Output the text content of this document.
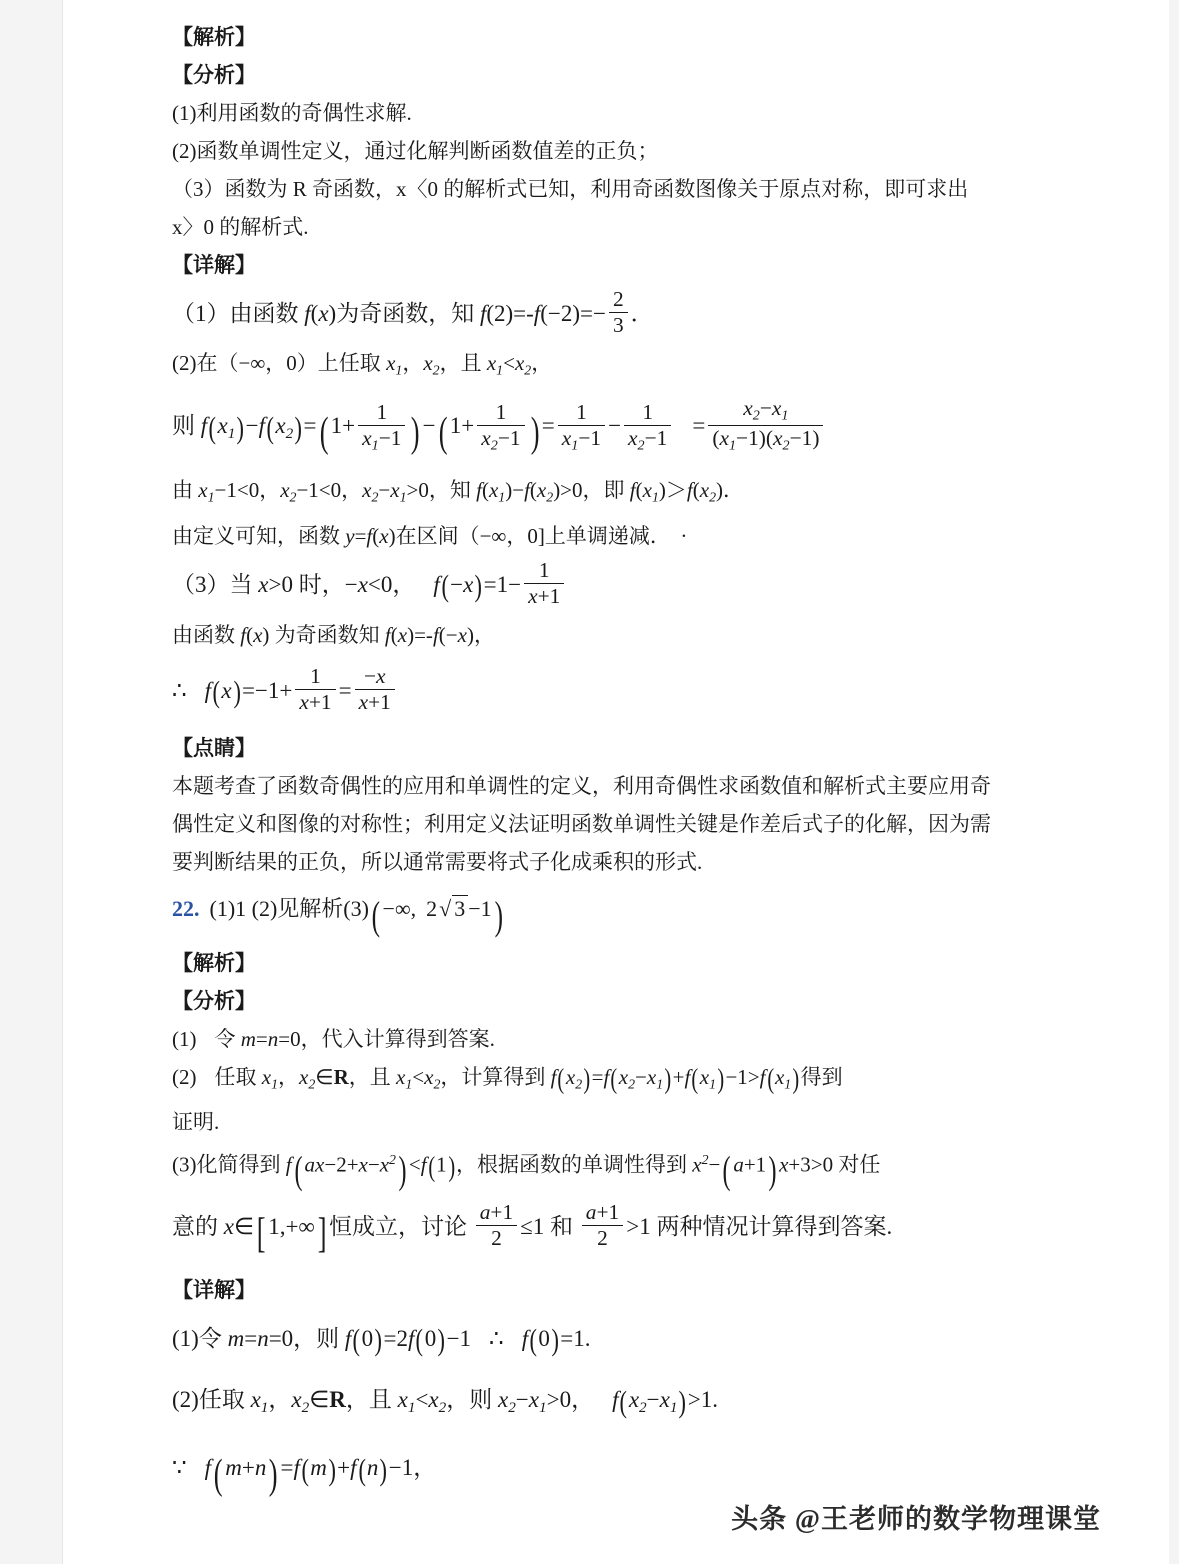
【解析】
【分析】
(1)利用函数的奇偶性求解.
(2)函数单调性定义，通过化解判断函数值差的正负；
（3）函数为 R 奇函数，x〈0 的解析式已知，利用奇函数图像关于原点对称，即可求出
x〉0 的解析式.
【详解】
（1）由函数 f(x)为奇函数，知 $f(2)=-f(-2)=- \frac{2}{3}$ ．
(2)在（−∞，0）上任取 $x_1$，$x_2$，且 $x_1<x_2$，
则 $f(x_1)-f(x_2)=$( $1+ \frac{1}{x_1-1}$ ) −( $1+ \frac{1}{x_2-1}$ ) = $\frac{1}{x_1-1} - \frac{1}{x_2-1} = \frac{x_2-x_1}{(x_1-1)(x_2-1)}$
由 $x_1-1<0$，$x_2-1<0$，$x_2-x_1>0$，知 $f(x_1)-f(x_2)>0$，即 $f(x_1)>f(x_2)$．
由定义可知，函数 y=f(x)在区间（−∞，0]上单调递减． ·
（3）当 x>0 时，−x<0， $f(-x)=1- \frac{1}{x+1}$
由函数 f(x) 为奇函数知 f(x)=-f(−x)，
∴ $f(x)=-1+ \frac{1}{x+1} = \frac{-x}{x+1}$
【点睛】
本题考查了函数奇偶性的应用和单调性的定义，利用奇偶性求函数值和解析式主要应用奇偶性定义和图像的对称性；利用定义法证明函数单调性关键是作差后式子的化解，因为需要判断结果的正负，所以通常需要将式子化成乘积的形式.
22. (1)1 (2)见解析(3)( −∞, 2√ 3 −1)
【解析】
【分析】
(1) 令 m=n=0，代入计算得到答案.
(2) 任取 $x_1$，$x_2\in R$，且 $x_1<x_2$，计算得到 $f(x_2)=f(x_2-x_1)+f(x_1)-1>f(x_1)$得到
证明.
(3)化简得到 f( $ax-2+x-x^2) <f(1)$，根据函数的单调性得到 $x^2-$( a+1) x+3>0 对任
意的 x∈[ 1,+∞] 恒成立，讨论 $\frac{a+1}{2} \le 1$ 和 $\frac{a+1}{2} >1$ 两种情况计算得到答案.
【详解】
(1)令 m=n=0，则 f(0)=2f(0)−1 ∴ f(0)=1.
(2)任取 $x_1$，$x_2\in R$，且 $x_1<x_2$，则 $x_2-x_1>0$， $f(x_2-x_1)>1$.
∵ f( m+n) =f(m)+f(n)−1，
头条 @王老师的数学物理课堂
